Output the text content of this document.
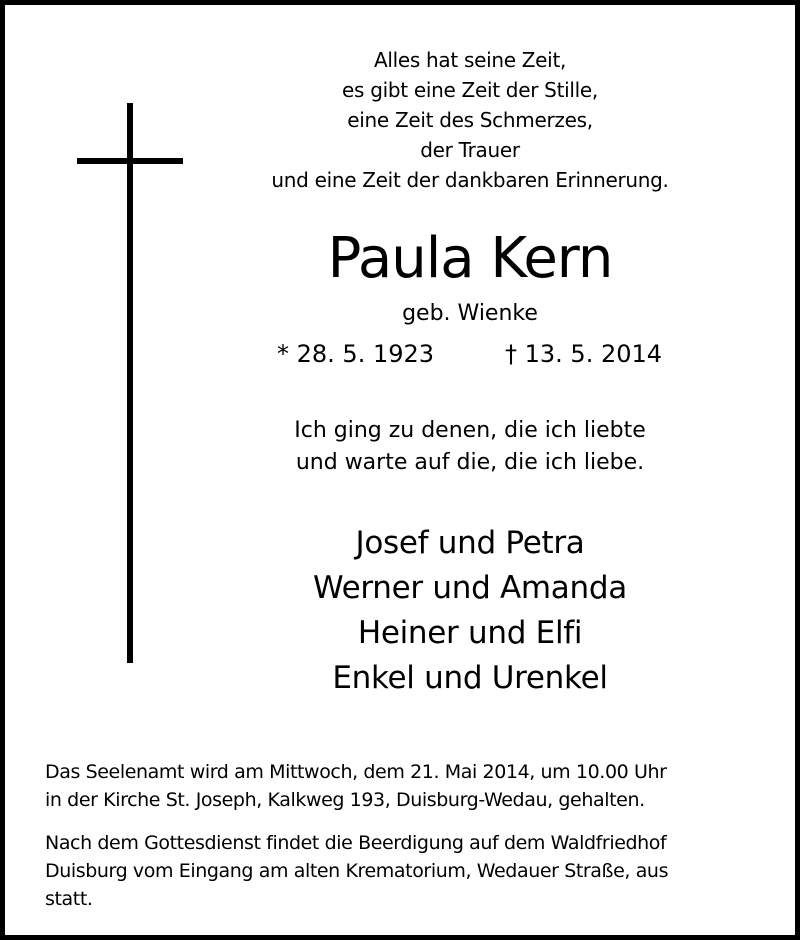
Alles hat seine Zeit,
es gibt eine Zeit der Stille,
eine Zeit des Schmerzes,
der Trauer
und eine Zeit der dankbaren Erinnerung.
Paula Kern
geb. Wienke
* 28. 5. 1923	† 13. 5. 2014
Ich ging zu denen, die ich liebte
und warte auf die, die ich liebe.
Josef und Petra
Werner und Amanda
Heiner und Elfi
Enkel und Urenkel
Das Seelenamt wird am Mittwoch, dem 21. Mai 2014, um 10.00 Uhr
in der Kirche St. Joseph, Kalkweg 193, Duisburg-Wedau, gehalten.
Nach dem Gottesdienst findet die Beerdigung auf dem Waldfriedhof
Duisburg vom Eingang am alten Krematorium, Wedauer Straße, aus
statt.
